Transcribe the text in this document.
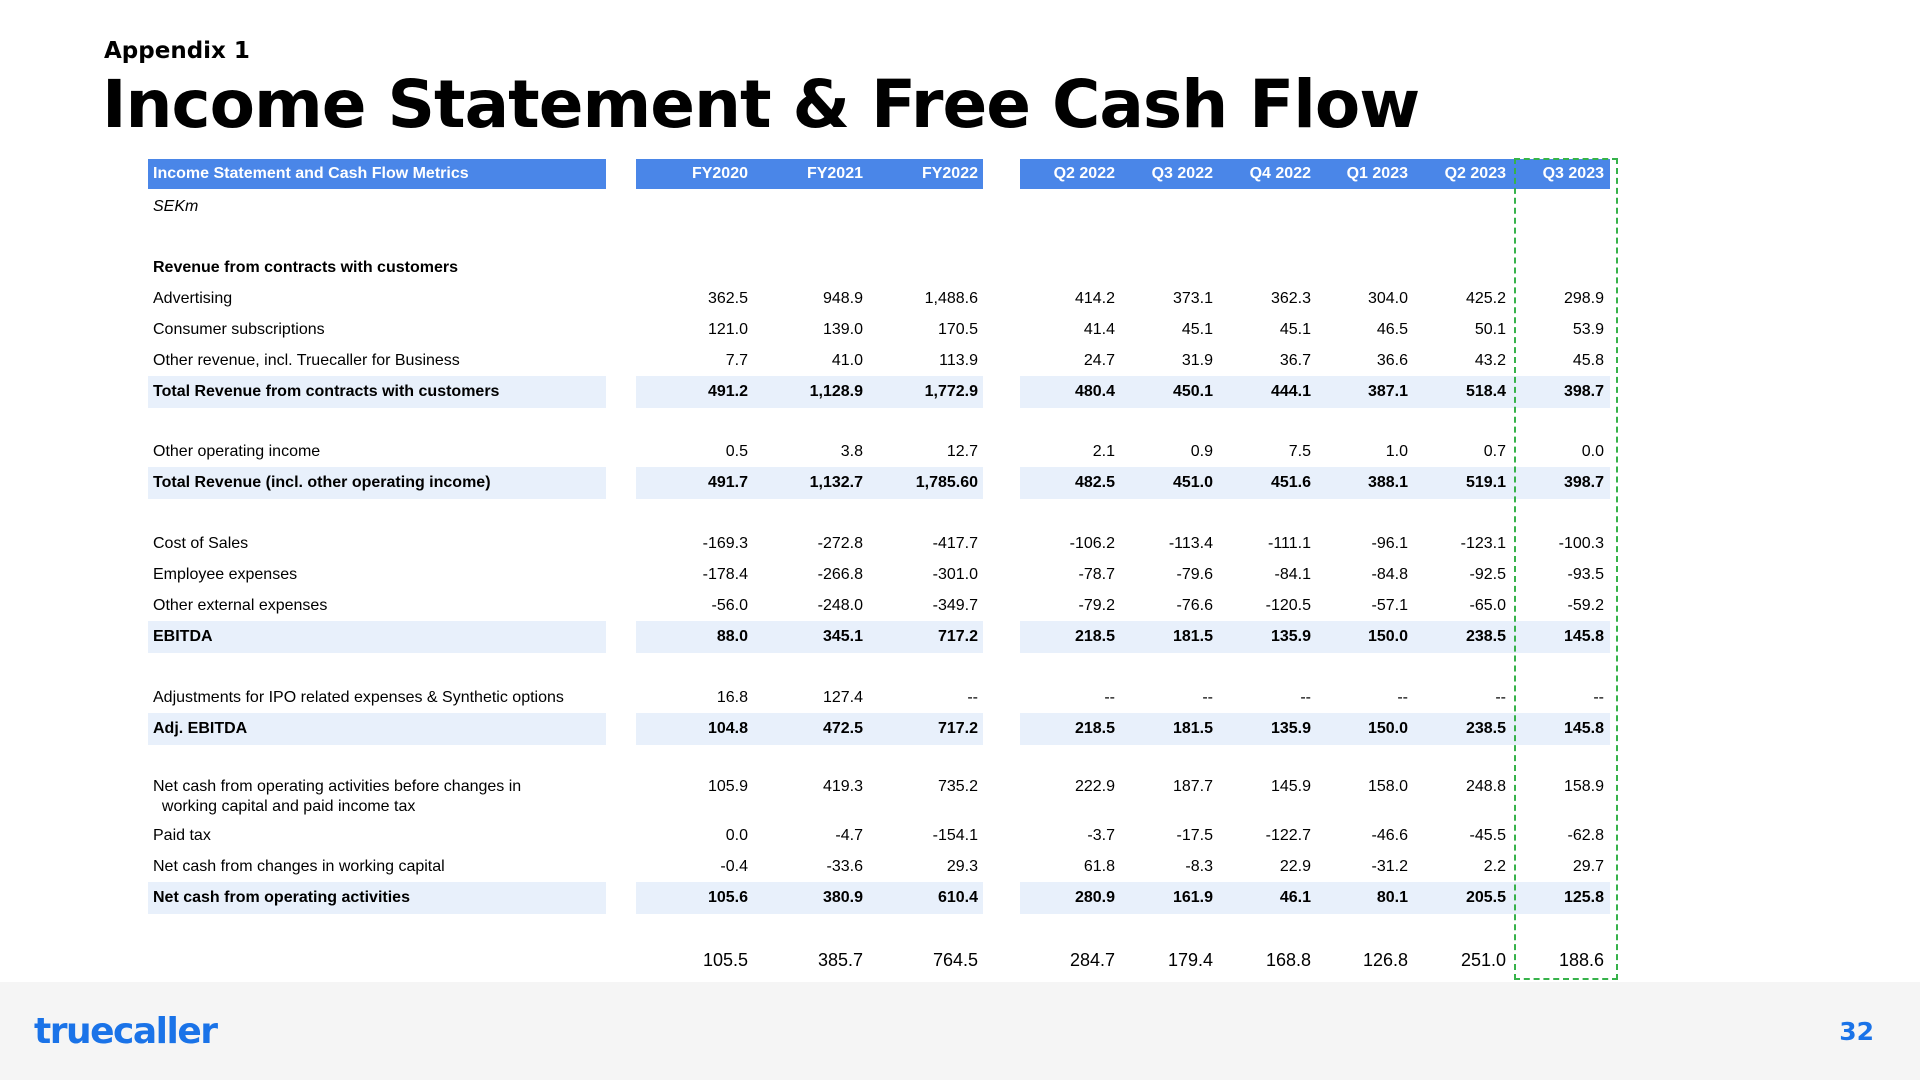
Appendix 1
Income Statement & Free Cash Flow
Income Statement and Cash Flow Metrics	FY2020	FY2021	FY2022	Q2 2022	Q3 2022	Q4 2022	Q1 2023	Q2 2023	Q3 2023
SEKm
Revenue from contracts with customers
Advertising	362.5	948.9	1,488.6	414.2	373.1	362.3	304.0	425.2	298.9
Consumer subscriptions	121.0	139.0	170.5	41.4	45.1	45.1	46.5	50.1	53.9
Other revenue, incl. Truecaller for Business	7.7	41.0	113.9	24.7	31.9	36.7	36.6	43.2	45.8
Total Revenue from contracts with customers	491.2	1,128.9	1,772.9	480.4	450.1	444.1	387.1	518.4	398.7
Other operating income	0.5	3.8	12.7	2.1	0.9	7.5	1.0	0.7	0.0
Total Revenue (incl. other operating income)	491.7	1,132.7	1,785.60	482.5	451.0	451.6	388.1	519.1	398.7
Cost of Sales	-169.3	-272.8	-417.7	-106.2	-113.4	-111.1	-96.1	-123.1	-100.3
Employee expenses	-178.4	-266.8	-301.0	-78.7	-79.6	-84.1	-84.8	-92.5	-93.5
Other external expenses	-56.0	-248.0	-349.7	-79.2	-76.6	-120.5	-57.1	-65.0	-59.2
EBITDA	88.0	345.1	717.2	218.5	181.5	135.9	150.0	238.5	145.8
Adjustments for IPO related expenses & Synthetic options	16.8	127.4	--	--	--	--	--	--	--
Adj. EBITDA	104.8	472.5	717.2	218.5	181.5	135.9	150.0	238.5	145.8
Net cash from operating activities before changes in
working capital and paid income tax
105.9	419.3	735.2	222.9	187.7	145.9	158.0	248.8	158.9
Paid tax	0.0	-4.7	-154.1	-3.7	-17.5	-122.7	-46.6	-45.5	-62.8
Net cash from changes in working capital	-0.4	-33.6	29.3	61.8	-8.3	22.9	-31.2	2.2	29.7
Net cash from operating activities	105.6	380.9	610.4	280.9	161.9	46.1	80.1	205.5	125.8
105.5	385.7	764.5	284.7	179.4	168.8	126.8	251.0	188.6
truecaller	32
